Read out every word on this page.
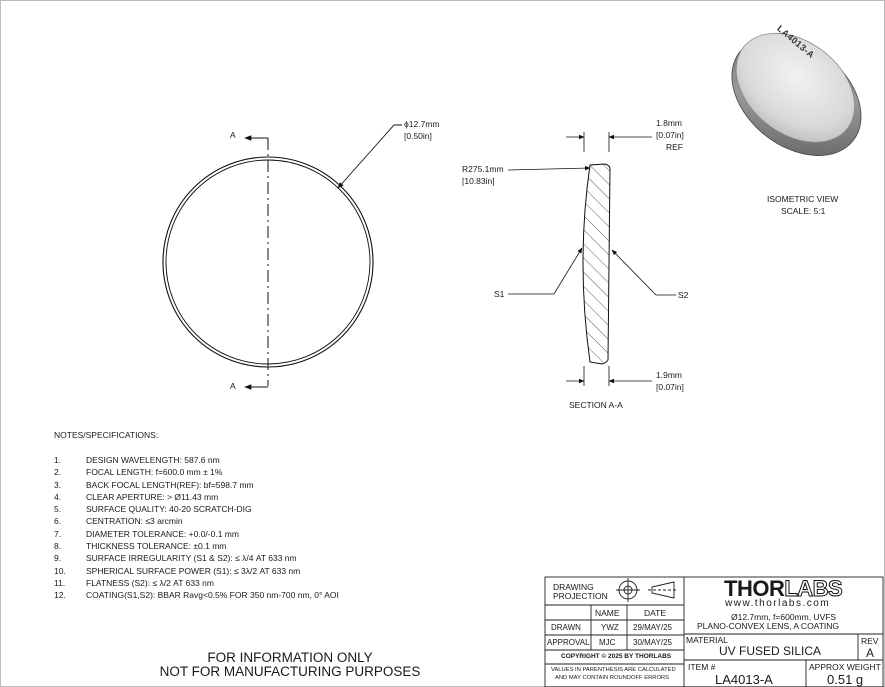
A
A
ϕ12.7mm
[0.50in]
1.8mm
[0.07in]
REF
R275.1mm
[10.83in]
S1	S2
1.9mm
[0.07in]
SECTION A-A
LA4013-A
ISOMETRIC VIEW
SCALE: 5:1
NOTES/SPECIFICATIONS:
1.	DESIGN WAVELENGTH: 587.6 nm
2.	FOCAL LENGTH: f=600.0 mm ± 1%
3.	BACK FOCAL LENGTH(REF): bf=598.7 mm
4.	CLEAR APERTURE: > Ø11.43 mm
5.	SURFACE QUALITY: 40-20 SCRATCH-DIG
6.	CENTRATION: ≤3 arcmin
7.	DIAMETER TOLERANCE: +0.0/-0.1 mm
8.	THICKNESS TOLERANCE: ±0.1 mm
9.	SURFACE IRREGULARITY (S1 & S2): ≤ λ/4 AT 633 nm
10.	SPHERICAL SURFACE POWER (S1): ≤ 3λ/2 AT 633 nm
11.	FLATNESS (S2): ≤ λ/2 AT 633 nm
12.	COATING(S1,S2): BBAR Ravg<0.5% FOR 350 nm-700 nm, 0° AOI
FOR INFORMATION ONLY
NOT FOR MANUFACTURING PURPOSES
DRAWING
PROJECTION
NAME	DATE
DRAWN	YWZ 29/MAY/25
APPROVAL MJC 30/MAY/25
COPYRIGHT © 2025 BY THORLABS
VALUES IN PARENTHESIS ARE CALCULATED
AND MAY CONTAIN ROUNDOFF ERRORS
THORLABS
www.thorlabs.com
Ø12.7mm, f=600mm, UVFS
PLANO-CONVEX LENS, A COATING
MATERIAL
UV FUSED SILICA
REV
A
ITEM #
LA4013-A
APPROX WEIGHT
0.51 g
